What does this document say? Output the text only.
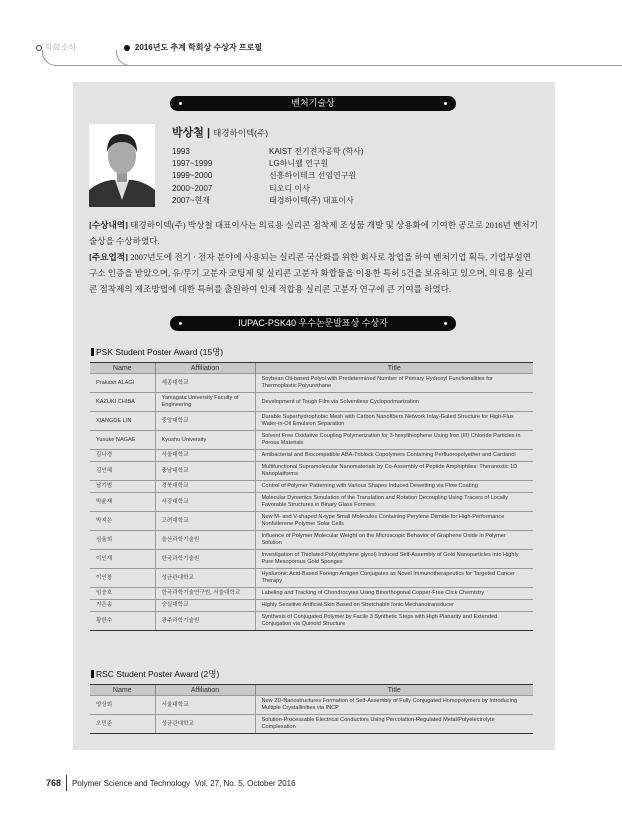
학회소식	2016년도 추계 학회상 수상자 프로필
벤처기술상
박상철 | 태경하이텍(주)
1993	KAIST 전기전자공학 (학사)
1997~1999	LG하니웰 연구원
1999~2000	신흥하이테크 선임연구원
2000~2007	티오디 이사
2007~현재	태경하이텍(주) 대표이사
[수상내역] 태경하이텍(주) 박상철 대표이사는 의료용 실리콘 점착제 조성물 개발 및 상용화에 기여한 공로로 2016년 벤처기술상을 수상하였다.
[주요업적] 2007년도에 전기 · 전자 분야에 사용되는 실리콘 국산화를 위한 회사로 창업을 하여 벤처기업 획득, 기업부설연구소 인증을 받았으며, 유/무기 고분자 코팅제 및 실리콘 고분자 화합물을 이용한 특허 5건을 보유하고 있으며, 의료용 실리콘 점착제의 제조방법에 대한 특허를 출원하여 인체 적합용 실리콘 고분자 연구에 큰 기여를 하였다.
IUPAC-PSK40 우수논문발표상 수상자
PSK Student Poster Award (15명)
Name	Affiliation	Title
Prakash ALAGI	세종대학교	Soybean Oil-based Polyol with Predetermined Number of Primary Hydroxyl Functionalities for Thermoplastic Polyurethane
KAZUKI CHIBA	Yamagata University Faculty of Engineering	Development of Tough Film via Solventless Cycloporimarization
XIANGDE LIN	중앙대학교	Durable Superhydrophobic Mesh with Carbon Nanofibers Network Inlay-Gated Structure for High-Flux Water-in-Oil Emulsion Separation
Yusuke NAGAE	Kyushu University	Solvent Free Oxidative Coupling Polymerization for 3-hexylthiophene Using Iron (III) Chloride Particles in Porous Materials
김나경	서울대학교	Antibacterial and Biocompatible ABA-Triblock Copolymers Containing Perfluoropolyether and Cardanol
김인혜	충남대학교	Multifunctional Supramolecular Nanomaterials by Co-Assembly of Peptide Amphiphiles: Theranostic 1D Nanoplatforms
남기범	경북대학교	Control of Polymer Patterning with Various Shapes Induced Dewetting via Flow Coating
박윤재	서강대학교	Molecular Dynamics Simulation of the Translation and Rotation Decoupling Using Tracers of Locally Favorable Structures in Binary Glass Formers
박지은	고려대학교	New M- and V-shaped N-type Small Molecules Containing Perylene Diimide for High-Performance Nonfullerene Polymer Solar Cells
심율희	울산과학기술원	Influence of Polymer Molecular Weight on the Microscopic Behavior of Graphene Oxide in Polymer Solution
이인재	한국과학기술원	Investigation of Thiolated Poly(ethylene glycol) Induced Self-Assembly of Gold Nanoparticles into Highly Pure Mesoporous Gold Sponges
이인창	성균관대학교	Hyaluronic Acid-Based Foreign Antigen Conjugates as Novel Immunotherapeutics for Targeted Cancer Therapy
임승호	한국과학기술연구원, 서울대학교	Labeling and Tracking of Chondrocytes Using Bioorthogonal Copper-Free Click Chemistry
지은송	숭실대학교	Highly Sensitive Artificial Skin Based on Stretchable Ionic Mechanotransducer
황한수	광주과학기술원	Synthesis of Conjugated Polymer by Facile 3 Synthetic Steps with High Planarity and Extended Conjugation via Quinoid Structure
RSC Student Poster Award (2명)
Name	Affiliation	Title
양상희	서울대학교	New 2D-Nanostructures Formation of Self-Assembly of Fully Conjugated Homopolymers by Introducing Multiple Crystallinities via INCP
오민준	성균관대학교	Solution-Processable Electrical Conductors Using Percolation-Regulated Metal/Polyelectrolyte Complexation
768 Polymer Science and Technology  Vol. 27, No. 5, October 2016
